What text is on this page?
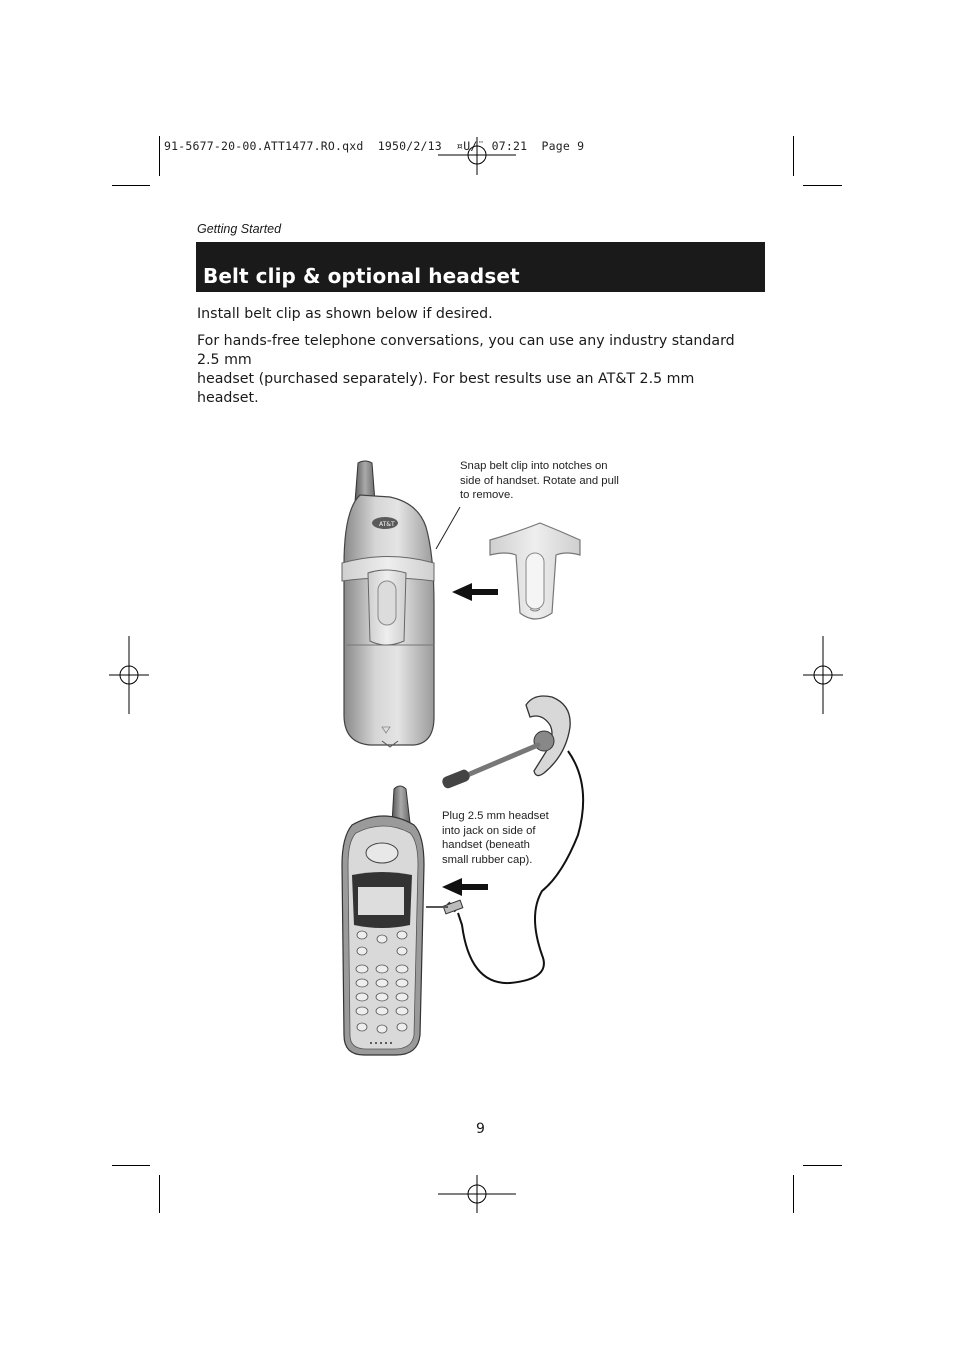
91-5677-20-00.ATT1477.RO.qxd  1950/2/13  ¤U/¨ 07:21  Page 9
Getting Started
Belt clip & optional headset
Install belt clip as shown below if desired.
For hands-free telephone conversations, you can use any industry standard 2.5 mm
headset (purchased separately). For best results use an AT&T 2.5 mm headset.
Snap belt clip into notches on
side of handset. Rotate and pull
to remove.
Plug 2.5 mm headset
into jack on side of
handset (beneath
small rubber cap).
AT&T
9
